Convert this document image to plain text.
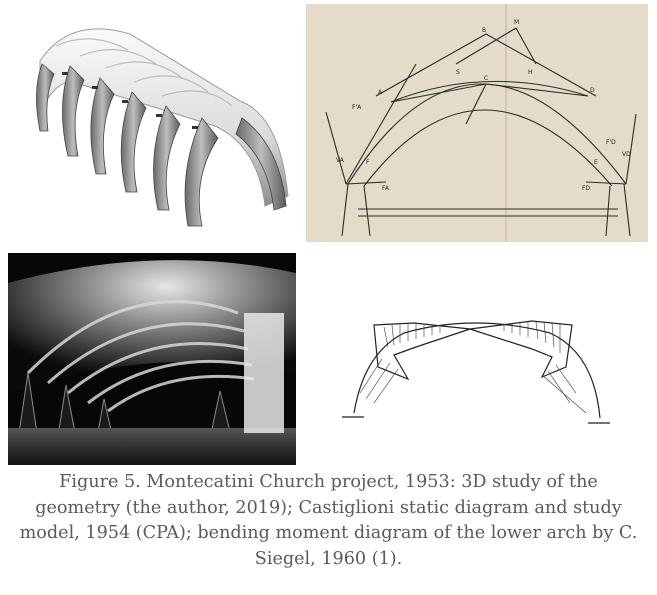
B
M
A
C
D
S	H
F'A
F'D
VA
VD
FA	FD
F	E
Figure 5. Montecatini Church project, 1953: 3D study of the geometry (the author, 2019); Castiglioni static diagram and study model, 1954 (CPA); bending moment diagram of the lower arch by C. Siegel, 1960 (1).
